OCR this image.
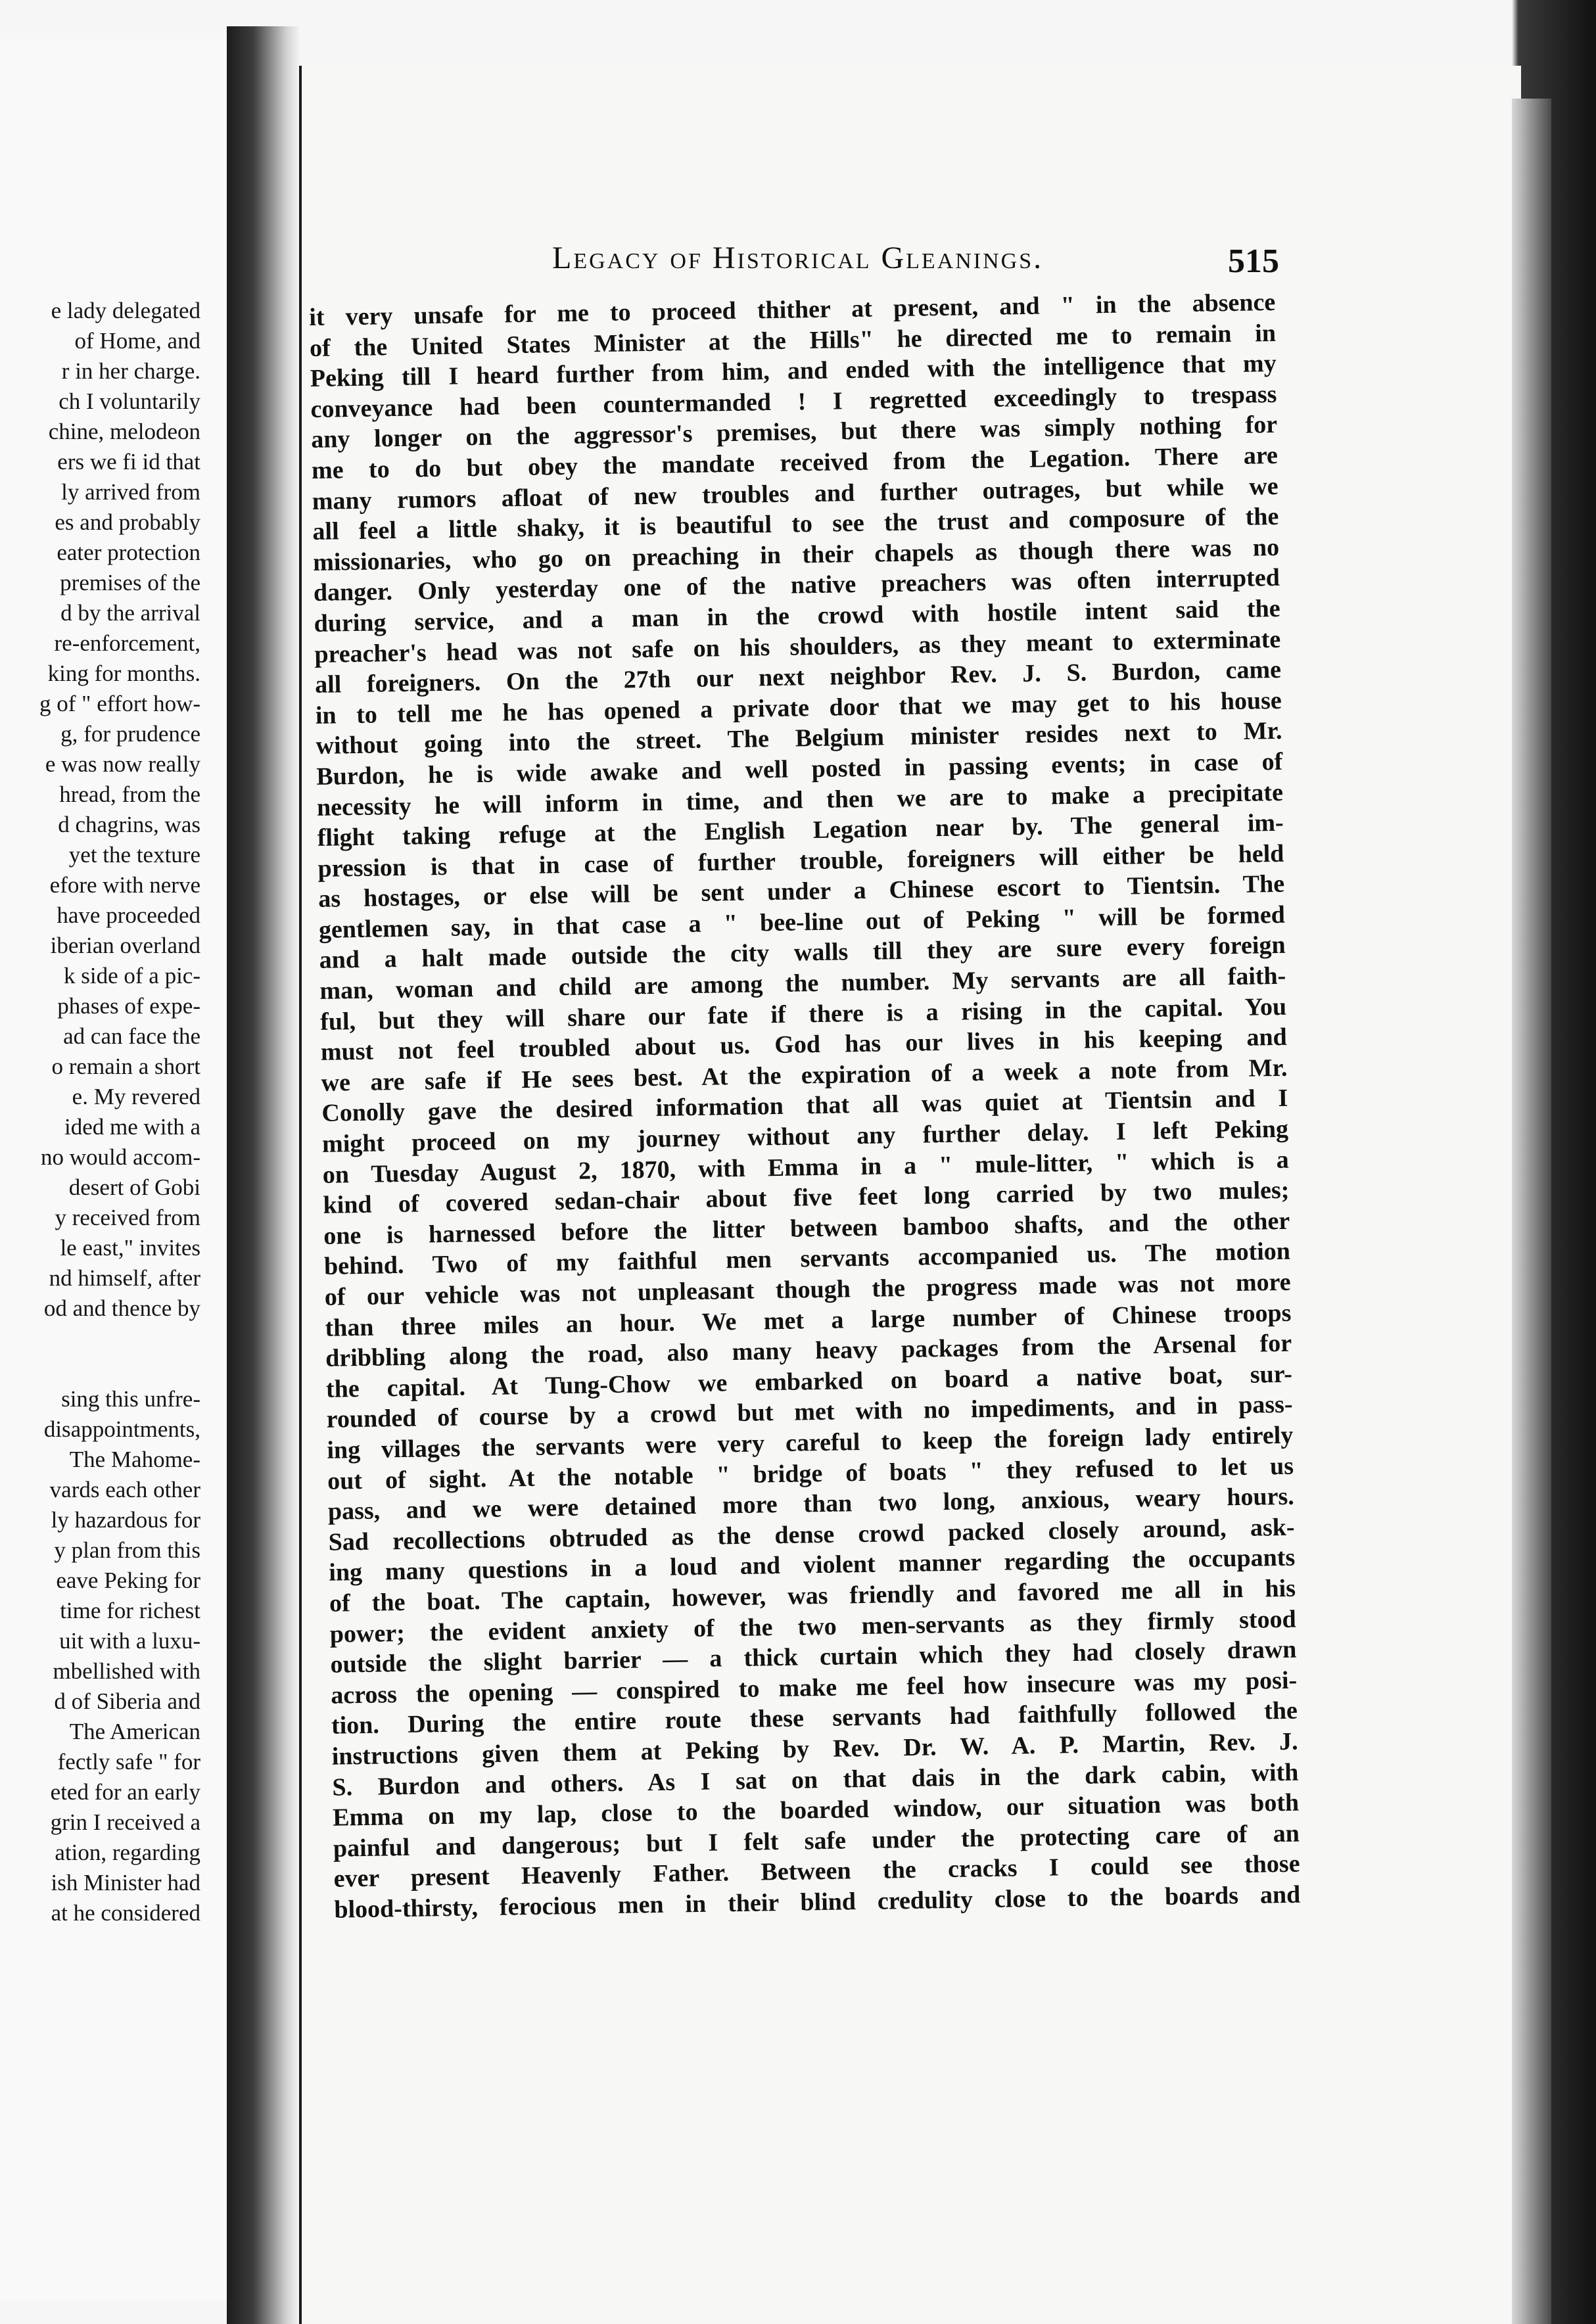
e lady delegated
of Home, and
r in her charge.
ch I voluntarily
chine, melodeon
ers we fi id that
ly arrived from
es and probably
eater protection
premises of the
d by the arrival
re-enforcement,
king for months.
g of " effort how-
g, for prudence
e was now really
hread, from the
d chagrins, was
yet the texture
efore with nerve
have proceeded
iberian overland
k side of a pic-
phases of expe-
ad can face the
o remain a short
e. My revered
ided me with a
no would accom-
desert of Gobi
y received from
le east," invites
nd himself, after
od and thence by
sing this unfre-
disappointments,
The Mahome-
vards each other
ly hazardous for
y plan from this
eave Peking for
time for richest
uit with a luxu-
mbellished with
d of Siberia and
The American
fectly safe " for
eted for an early
grin I received a
ation, regarding
ish Minister had
at he considered
Legacy of Historical Gleanings.	515
it very unsafe for me to proceed thither at present, and " in the absence
of the United States Minister at the Hills" he directed me to remain in
Peking till I heard further from him, and ended with the intelligence that my
conveyance had been countermanded ! I regretted exceedingly to trespass
any longer on the aggressor's premises, but there was simply nothing for
me to do but obey the mandate received from the Legation. There are
many rumors afloat of new troubles and further outrages, but while we
all feel a little shaky, it is beautiful to see the trust and composure of the
missionaries, who go on preaching in their chapels as though there was no
danger. Only yesterday one of the native preachers was often interrupted
during service, and a man in the crowd with hostile intent said the
preacher's head was not safe on his shoulders, as they meant to exterminate
all foreigners. On the 27th our next neighbor Rev. J. S. Burdon, came
in to tell me he has opened a private door that we may get to his house
without going into the street. The Belgium minister resides next to Mr.
Burdon, he is wide awake and well posted in passing events; in case of
necessity he will inform in time, and then we are to make a precipitate
flight taking refuge at the English Legation near by. The general im-
pression is that in case of further trouble, foreigners will either be held
as hostages, or else will be sent under a Chinese escort to Tientsin. The
gentlemen say, in that case a " bee-line out of Peking " will be formed
and a halt made outside the city walls till they are sure every foreign
man, woman and child are among the number. My servants are all faith-
ful, but they will share our fate if there is a rising in the capital. You
must not feel troubled about us. God has our lives in his keeping and
we are safe if He sees best. At the expiration of a week a note from Mr.
Conolly gave the desired information that all was quiet at Tientsin and I
might proceed on my journey without any further delay. I left Peking
on Tuesday August 2, 1870, with Emma in a " mule-litter, " which is a
kind of covered sedan-chair about five feet long carried by two mules;
one is harnessed before the litter between bamboo shafts, and the other
behind. Two of my faithful men servants accompanied us. The motion
of our vehicle was not unpleasant though the progress made was not more
than three miles an hour. We met a large number of Chinese troops
dribbling along the road, also many heavy packages from the Arsenal for
the capital. At Tung-Chow we embarked on board a native boat, sur-
rounded of course by a crowd but met with no impediments, and in pass-
ing villages the servants were very careful to keep the foreign lady entirely
out of sight. At the notable " bridge of boats " they refused to let us
pass, and we were detained more than two long, anxious, weary hours.
Sad recollections obtruded as the dense crowd packed closely around, ask-
ing many questions in a loud and violent manner regarding the occupants
of the boat. The captain, however, was friendly and favored me all in his
power; the evident anxiety of the two men-servants as they firmly stood
outside the slight barrier — a thick curtain which they had closely drawn
across the opening — conspired to make me feel how insecure was my posi-
tion. During the entire route these servants had faithfully followed the
instructions given them at Peking by Rev. Dr. W. A. P. Martin, Rev. J.
S. Burdon and others. As I sat on that dais in the dark cabin, with
Emma on my lap, close to the boarded window, our situation was both
painful and dangerous; but I felt safe under the protecting care of an
ever present Heavenly Father. Between the cracks I could see those
blood-thirsty, ferocious men in their blind credulity close to the boards and
